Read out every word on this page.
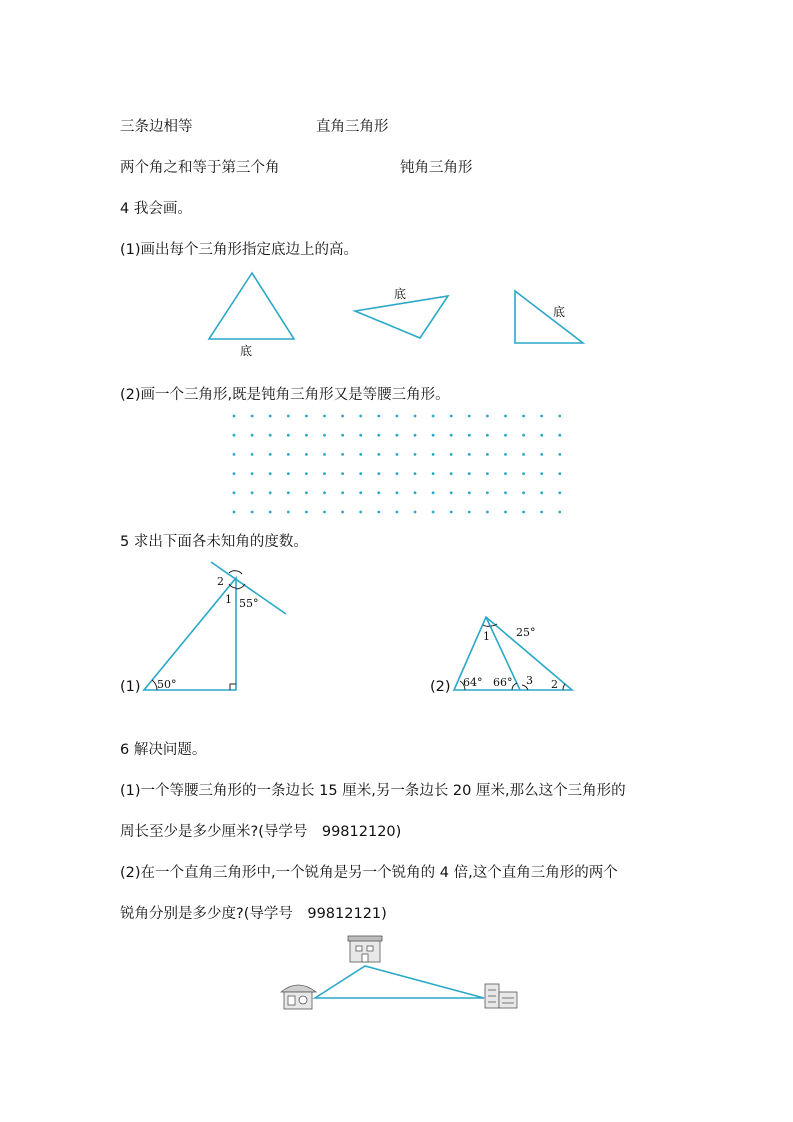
三条边相等	直角三角形
两个角之和等于第三个角	钝角三角形
4 我会画。
(1)画出每个三角形指定底边上的高。
底
底
底
(2)画一个三角形,既是钝角三角形又是等腰三角形。
5 求出下面各未知角的度数。
50°
55°
1
2
(1)	64° 66° 3 2
1 25°
(2)
6 解决问题。
(1)一个等腰三角形的一条边长 15 厘米,另一条边长 20 厘米,那么这个三角形的
周长至少是多少厘米?(导学号　99812120)
(2)在一个直角三角形中,一个锐角是另一个锐角的 4 倍,这个直角三角形的两个
锐角分别是多少度?(导学号　99812121)
